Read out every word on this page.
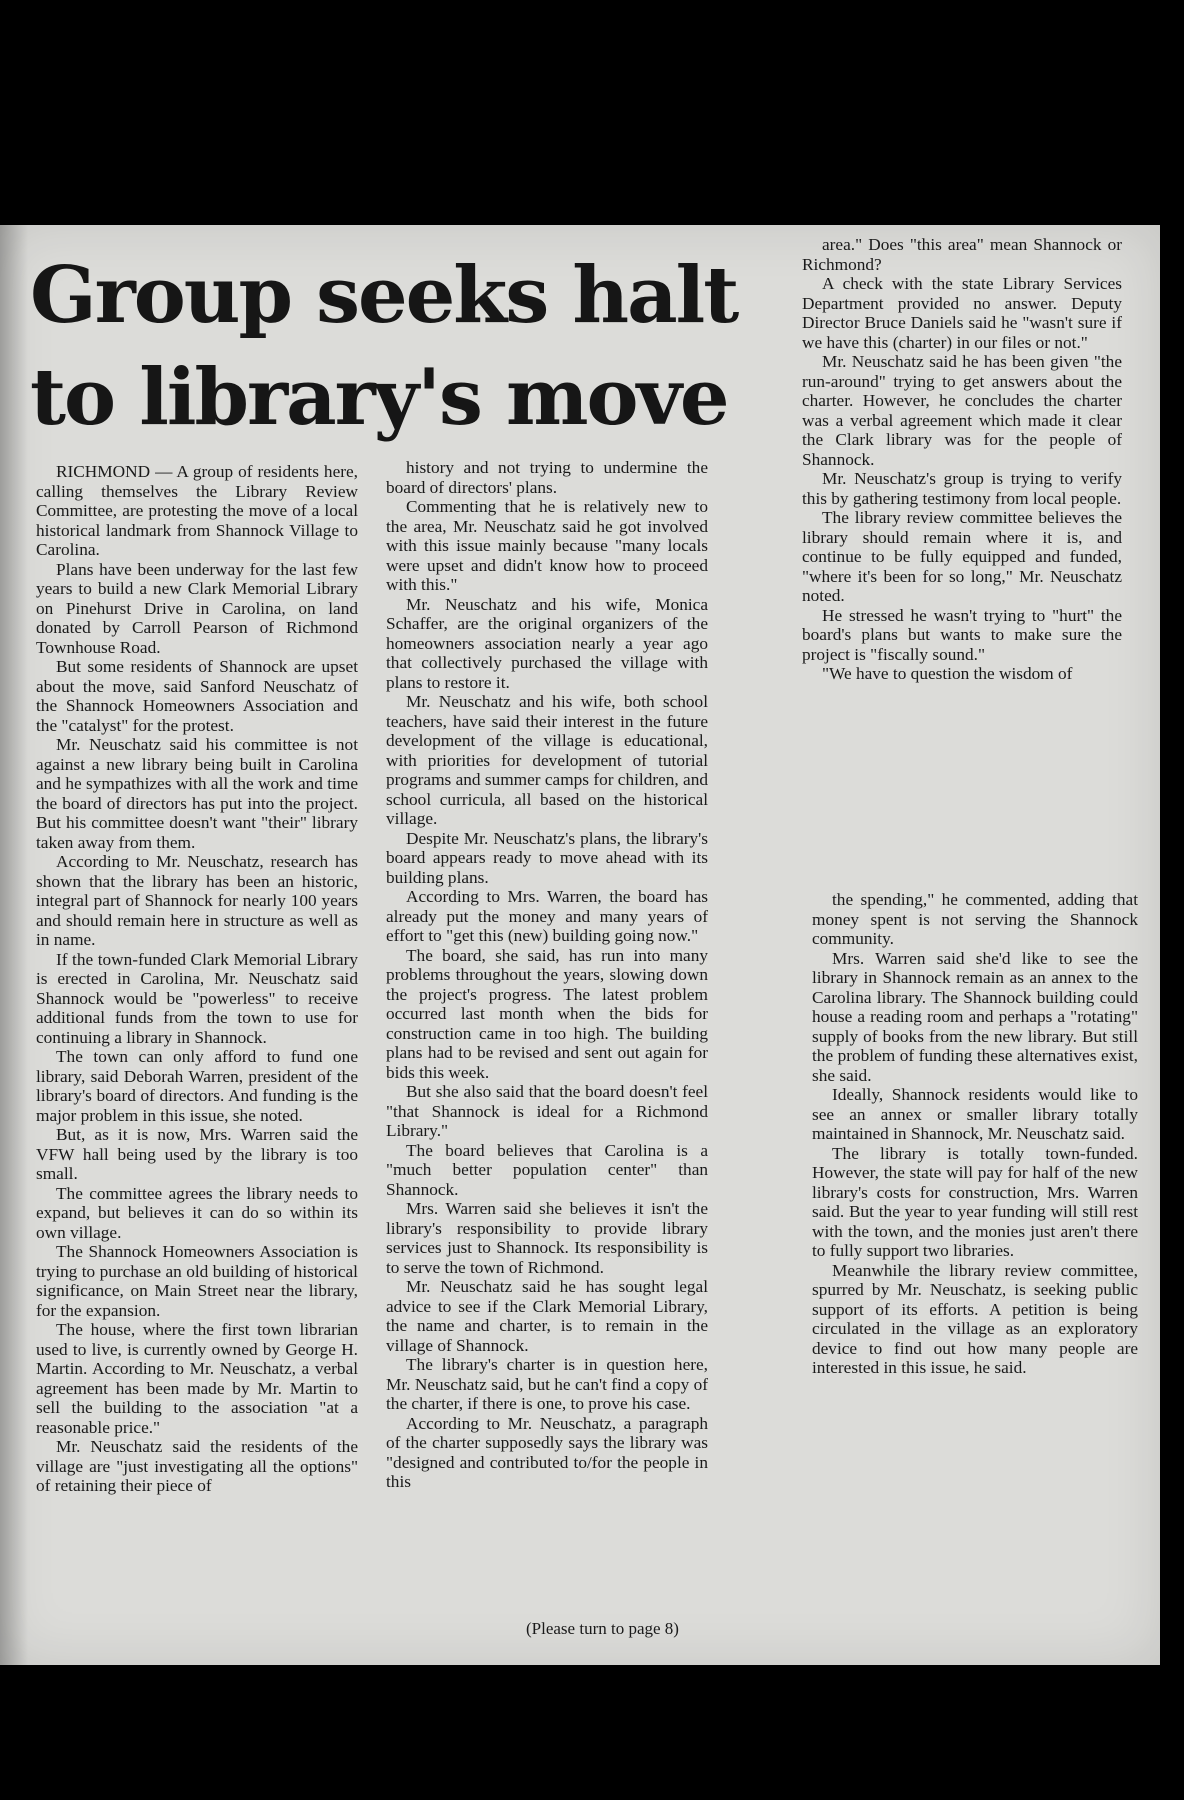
Group seeks halt to library's move

RICHMOND — A group of residents here, calling themselves the Library Review Committee, are protesting the move of a local historical landmark from Shannock Village to Carolina.

Plans have been underway for the last few years to build a new Clark Memorial Library on Pinehurst Drive in Carolina, on land donated by Carroll Pearson of Richmond Townhouse Road.

But some residents of Shannock are upset about the move, said Sanford Neuschatz of the Shannock Homeowners Association and the "catalyst" for the protest.

Mr. Neuschatz said his committee is not against a new library being built in Carolina and he sympathizes with all the work and time the board of directors has put into the project. But his committee doesn't want "their" library taken away from them.

According to Mr. Neuschatz, research has shown that the library has been an historic, integral part of Shannock for nearly 100 years and should remain here in structure as well as in name.

If the town-funded Clark Memorial Library is erected in Carolina, Mr. Neuschatz said Shannock would be "powerless" to receive additional funds from the town to use for continuing a library in Shannock.

The town can only afford to fund one library, said Deborah Warren, president of the library's board of directors. And funding is the major problem in this issue, she noted.

But, as it is now, Mrs. Warren said the VFW hall being used by the library is too small.

The committee agrees the library needs to expand, but believes it can do so within its own village.

The Shannock Homeowners Association is trying to purchase an old building of historical significance, on Main Street near the library, for the expansion.

The house, where the first town librarian used to live, is currently owned by George H. Martin. According to Mr. Neuschatz, a verbal agreement has been made by Mr. Martin to sell the building to the association "at a reasonable price."

Mr. Neuschatz said the residents of the village are "just investigating all the options" of retaining their piece of

history and not trying to undermine the board of directors' plans.

Commenting that he is relatively new to the area, Mr. Neuschatz said he got involved with this issue mainly because "many locals were upset and didn't know how to proceed with this."

Mr. Neuschatz and his wife, Monica Schaffer, are the original organizers of the homeowners association nearly a year ago that collectively purchased the village with plans to restore it.

Mr. Neuschatz and his wife, both school teachers, have said their interest in the future development of the village is educational, with priorities for development of tutorial programs and summer camps for children, and school curricula, all based on the historical village.

Despite Mr. Neuschatz's plans, the library's board appears ready to move ahead with its building plans.

According to Mrs. Warren, the board has already put the money and many years of effort to "get this (new) building going now."

The board, she said, has run into many problems throughout the years, slowing down the project's progress. The latest problem occurred last month when the bids for construction came in too high. The building plans had to be revised and sent out again for bids this week.

But she also said that the board doesn't feel "that Shannock is ideal for a Richmond Library."

The board believes that Carolina is a "much better population center" than Shannock.

Mrs. Warren said she believes it isn't the library's responsibility to provide library services just to Shannock. Its responsibility is to serve the town of Richmond.

Mr. Neuschatz said he has sought legal advice to see if the Clark Memorial Library, the name and charter, is to remain in the village of Shannock.

The library's charter is in question here, Mr. Neuschatz said, but he can't find a copy of the charter, if there is one, to prove his case.

According to Mr. Neuschatz, a paragraph of the charter supposedly says the library was "designed and contributed to/for the people in this

area." Does "this area" mean Shannock or Richmond?

A check with the state Library Services Department provided no answer. Deputy Director Bruce Daniels said he "wasn't sure if we have this (charter) in our files or not."

Mr. Neuschatz said he has been given "the run-around" trying to get answers about the charter. However, he concludes the charter was a verbal agreement which made it clear the Clark library was for the people of Shannock.

Mr. Neuschatz's group is trying to verify this by gathering testimony from local people.

The library review committee believes the library should remain where it is, and continue to be fully equipped and funded, "where it's been for so long," Mr. Neuschatz noted.

He stressed he wasn't trying to "hurt" the board's plans but wants to make sure the project is "fiscally sound."

"We have to question the wisdom of

the spending," he commented, adding that money spent is not serving the Shannock community.

Mrs. Warren said she'd like to see the library in Shannock remain as an annex to the Carolina library. The Shannock building could house a reading room and perhaps a "rotating" supply of books from the new library. But still the problem of funding these alternatives exist, she said.

Ideally, Shannock residents would like to see an annex or smaller library totally maintained in Shannock, Mr. Neuschatz said.

The library is totally town-funded. However, the state will pay for half of the new library's costs for construction, Mrs. Warren said. But the year to year funding will still rest with the town, and the monies just aren't there to fully support two libraries.

Meanwhile the library review committee, spurred by Mr. Neuschatz, is seeking public support of its efforts. A petition is being circulated in the village as an exploratory device to find out how many people are interested in this issue, he said.

(Please turn to page 8)
